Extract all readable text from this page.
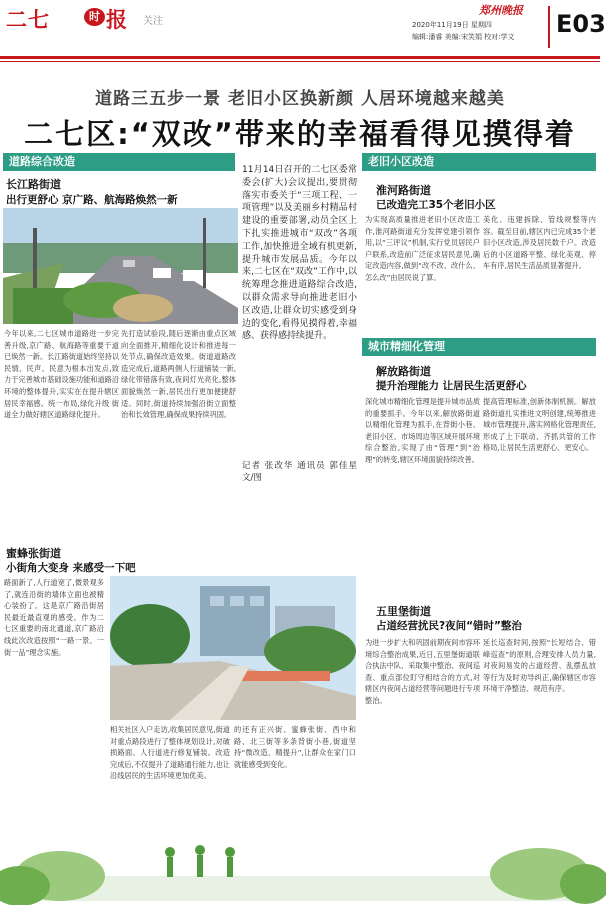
二七	时 报 关注
郑州晚报
2020年11月19日 星期四
编辑:潘睿 美编:宋笑娟 校对:学文 E03
道路三五步一景 老旧小区换新颜 人居环境越来越美
二七区:“双改”带来的幸福看得见摸得着
道路综合改造
长江路街道
出行更舒心 京广路、航海路焕然一新
今年以来,二七区城市道路进一步完善升级,京广路、航海路等重要干道已焕然一新。长江路街道始终坚持以民情、民声、民意为根本出发点,致力于完善城市基础设施功能和道路沿环境的整体提升,实实在在提升辖区居民幸福感。统一布局,绿化升级 街道全力做好辖区道路绿化提升。
先打造试验段,随后逐渐由重点区域向全面推开,精细化设计和推进每一处节点,确保改造效果。街道道路改造完成后,道路两侧人行道铺装一新,绿化带错落有致,夜间灯光亮化,整体面貌焕然一新,居民出行更加便捷舒适。同时,街道持续加强沿街立面整治和长效管理,确保成果持续巩固。
11月14日召开的二七区委常委会(扩大)会议提出,要贯彻落实市委关于“三项工程、一项管理”以及美丽乡村精品村建设的重要部署,动员全区上下扎实推进城市“双改”各项工作,加快推进全域有机更新,提升城市发展品质。今年以来,二七区在“双改”工作中,以统筹理念推进道路综合改造,以群众需求导向推进老旧小区改造,让群众切实感受到身边的变化,看得见摸得着,幸福感、获得感持续提升。
记者 张改华 通讯员 郭佳星 文/图
老旧小区改造
淮河路街道
已改造完工35个老旧小区
为实现高质量推进老旧小区改造工作,淮河路街道充分发挥党建引领作用,以“三评议”机制,实行党员居民户户联系,改造前广泛征求居民意见,确定改造内容,做到“改不改、改什么、怎么改”由居民说了算。
美化、违建拆除、管线规整等内容。截至目前,辖区内已完成35个老旧小区改造,涉及居民数千户。改造后的小区道路平整、绿化美观、停车有序,居民生活品质显著提升。
城市精细化管理
解放路街道
提升治理能力 让居民生活更舒心
深化城市精细化管理是提升城市品质的重要抓手。今年以来,解放路街道以精细化管理为抓手,在背街小巷、老旧小区、市场周边等区域开展环境综合整治,实现了由“管理”到“治理”的转变,辖区环境面貌持续改善。
提高管理标准,创新体制机制。解放路街道扎实推进文明创建,统筹推进城市管理提升,落实网格化管理责任,形成了上下联动、齐抓共管的工作格局,让居民生活更舒心、更安心。
蜜蜂张街道
小街角大变身 来感受一下吧
路面新了,人行道宽了,微景观多了,就连沿街的墙体立面也被精心装扮了。这是京广路沿街居民最近最直观的感受。作为二七区重要的南北通道,京广路沿线此次改造按照“一路一景、一街一品”理念实施。
相关社区入户走访,收集居民意见,街道对重点路段进行了整体规划设计,对破损路面、人行道进行修复铺装。改造完成后,不仅提升了道路通行能力,也让沿线居民的生活环境更加优美。
的还有正兴街、蜜蜂张街、西中和路、北三街等多条背街小巷,街道坚持“微改造、精提升”,让群众在家门口就能感受到变化。
五里堡街道
占道经营扰民?夜间“错时”整治
为进一步扩大和巩固前期夜间市容环境综合整治成果,近日,五里堡街道联合执法中队、采取集中整治、夜间巡查、重点部位盯守相结合的方式,对辖区内夜间占道经营等问题进行专项整治。
延长巡查时间,按照“长短结合、错峰巡查”的原则,合理安排人员力量,对夜间易发的占道经营、乱摆乱放等行为及时劝导纠正,确保辖区市容环境干净整洁、规范有序。
